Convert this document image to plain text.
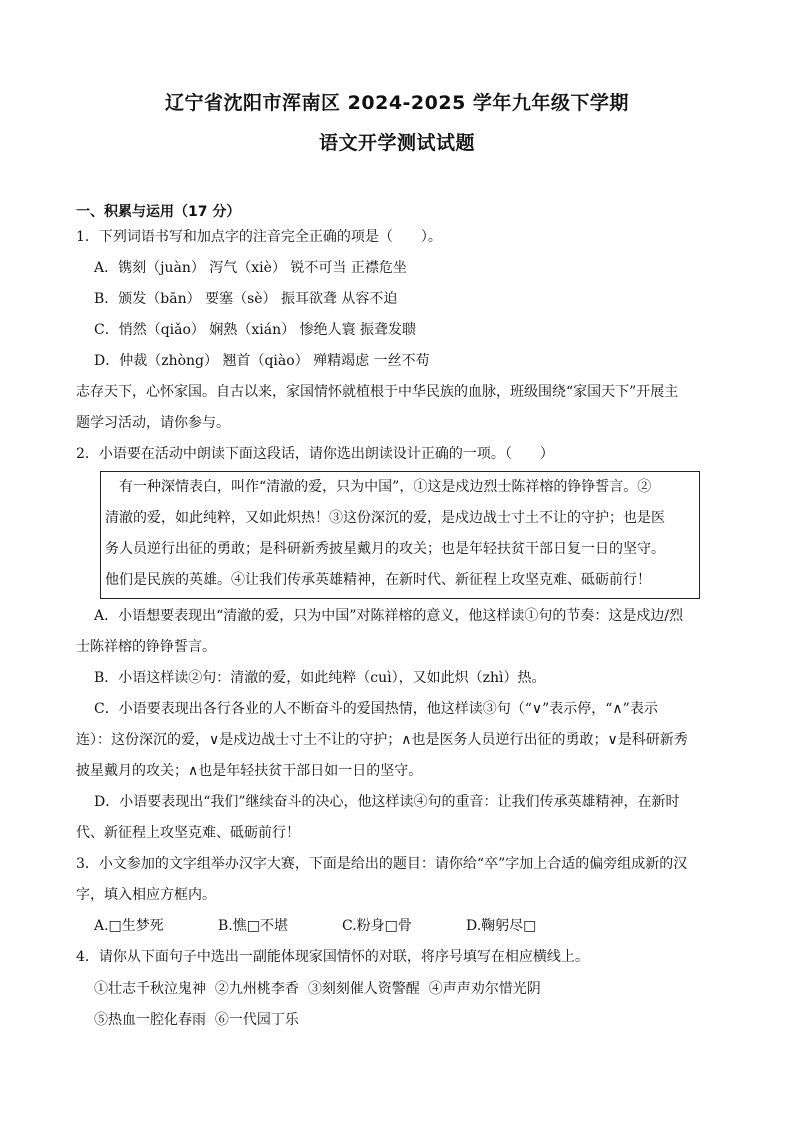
辽宁省沈阳市浑南区 2024-2025 学年九年级下学期
语文开学测试试题
一、积累与运用（17 分）
1．下列词语书写和加点字的注音完全正确的项是（　　）。
A．镌刻（juàn） 泻气（xiè） 锐不可当 正襟危坐
B．颁发（bān） 要塞（sè） 振耳欲聋 从容不迫
C．悄然（qiǎo） 娴熟（xián） 惨绝人寰 振聋发聩
D．仲裁（zhòng） 翘首（qiào） 殚精竭虑 一丝不苟
志存天下，心怀家国。自古以来，家国情怀就植根于中华民族的血脉，班级围绕“家国天下”开展主
题学习活动，请你参与。
2．小语要在活动中朗读下面这段话，请你选出朗读设计正确的一项。（　　）
　有一种深情表白，叫作“清澈的爱，只为中国”，①这是戍边烈士陈祥榕的铮铮誓言。②
清澈的爱，如此纯粹，又如此炽热！③这份深沉的爱，是戍边战士寸土不让的守护；也是医
务人员逆行出征的勇敢；是科研新秀披星戴月的攻关；也是年轻扶贫干部日复一日的坚守。
他们是民族的英雄。④让我们传承英雄精神，在新时代、新征程上攻坚克难、砥砺前行！
A．小语想要表现出“清澈的爱，只为中国”对陈祥榕的意义，他这样读①句的节奏：这是戍边/烈
士陈祥榕的铮铮誓言。
B．小语这样读②句：清澈的爱，如此纯粹（cuì），又如此炽（zhì）热。
C．小语要表现出各行各业的人不断奋斗的爱国热情，他这样读③句（“∨”表示停，“∧”表示
连）：这份深沉的爱，∨是戍边战士寸土不让的守护；∧也是医务人员逆行出征的勇敢；∨是科研新秀
披星戴月的攻关；∧也是年轻扶贫干部日如一日的坚守。
D．小语要表现出“我们”继续奋斗的决心，他这样读④句的重音：让我们传承英雄精神，在新时
代、新征程上攻坚克难、砥砺前行！
3．小文参加的文字组举办汉字大赛，下面是给出的题目：请你给“卒”字加上合适的偏旁组成新的汉
字，填入相应方框内。
A.□生梦死	B.憔□不堪	C.粉身□骨	D.鞠躬尽□
4．请你从下面句子中选出一副能体现家国情怀的对联，将序号填写在相应横线上。
①壮志千秋泣鬼神 ②九州桃李香 ③刻刻催人资警醒 ④声声劝尔惜光阴
⑤热血一腔化春雨 ⑥一代园丁乐
